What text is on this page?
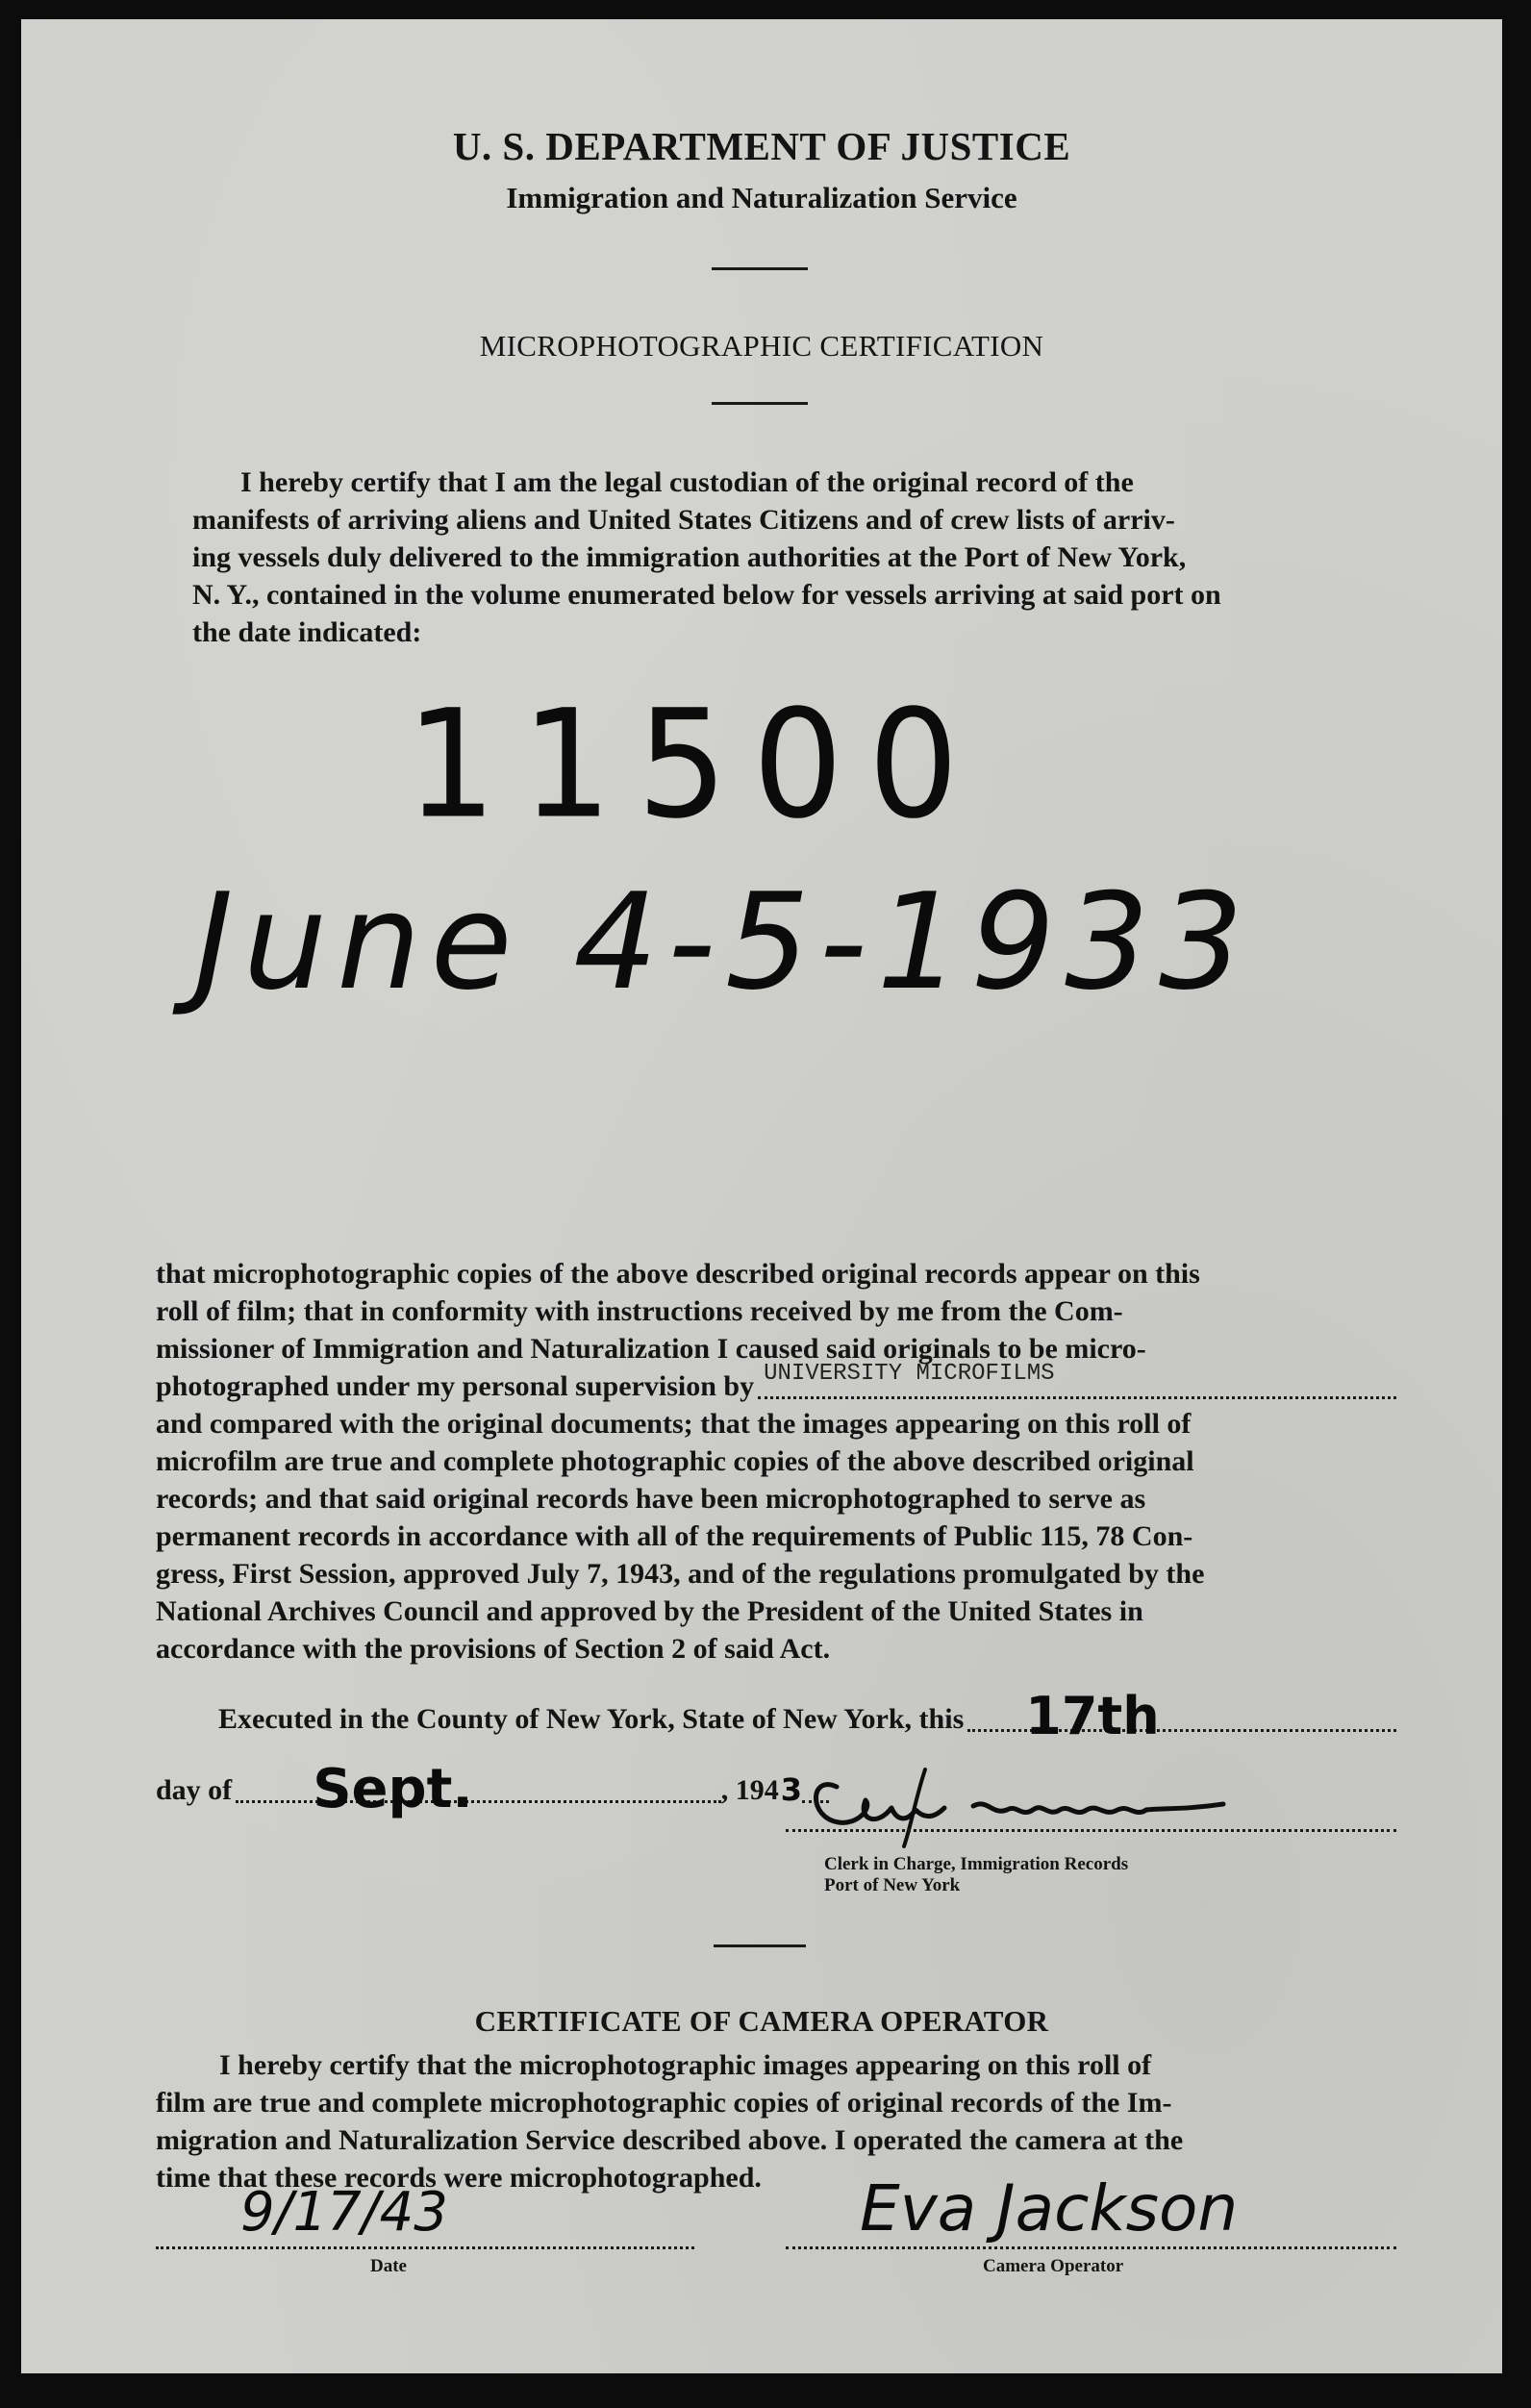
U. S. DEPARTMENT OF JUSTICE
Immigration and Naturalization Service
MICROPHOTOGRAPHIC CERTIFICATION
I hereby certify that I am the legal custodian of the original record of the
manifests of arriving aliens and United States Citizens and of crew lists of arriv-
ing vessels duly delivered to the immigration authorities at the Port of New York,
N. Y., contained in the volume enumerated below for vessels arriving at said port on
the date indicated:
11500
June 4-5-1933
that microphotographic copies of the above described original records appear on this
roll of film; that in conformity with instructions received by me from the Com-
missioner of Immigration and Naturalization I caused said originals to be micro-
photographed under my personal supervision by UNIVERSITY MICROFILMS
and compared with the original documents; that the images appearing on this roll of
microfilm are true and complete photographic copies of the above described original
records; and that said original records have been microphotographed to serve as
permanent records in accordance with all of the requirements of Public 115, 78 Con-
gress, First Session, approved July 7, 1943, and of the regulations promulgated by the
National Archives Council and approved by the President of the United States in
accordance with the provisions of Section 2 of said Act.
Executed in the County of New York, State of New York, this 17th
day of Sept.	, 194 3
Clerk in Charge, Immigration Records
Port of New York
CERTIFICATE OF CAMERA OPERATOR
I hereby certify that the microphotographic images appearing on this roll of
film are true and complete microphotographic copies of original records of the Im-
migration and Naturalization Service described above. I operated the camera at the
time that these records were microphotographed.
9/17/43
Date
Eva Jackson
Camera Operator
